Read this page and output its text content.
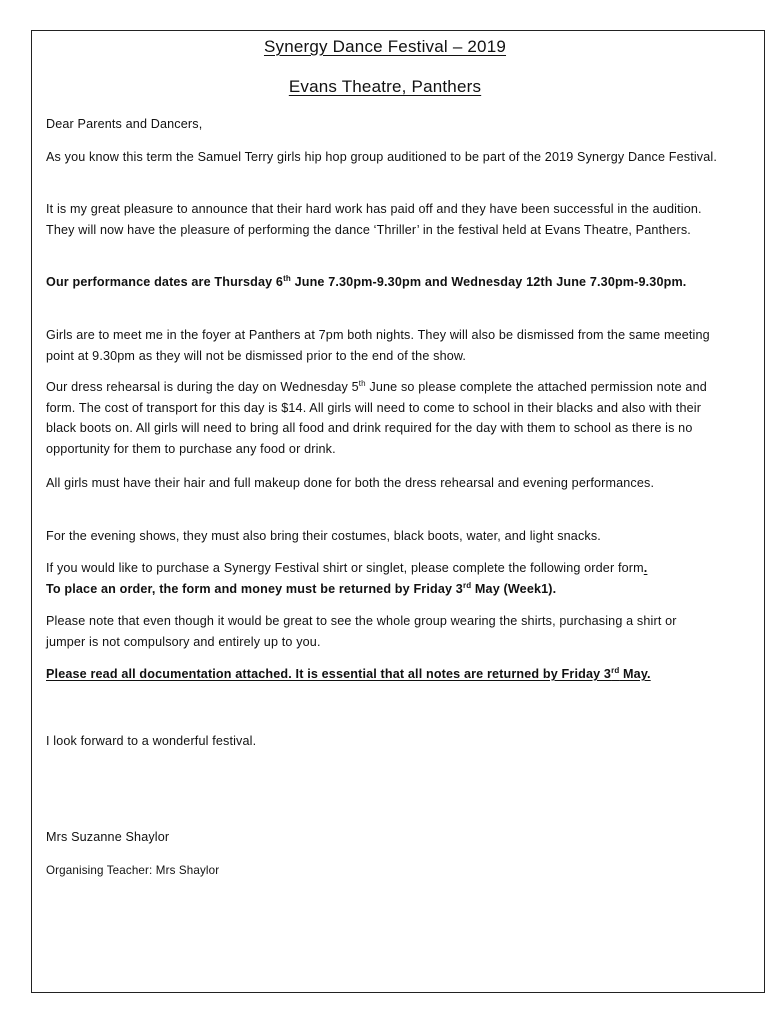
Synergy Dance Festival – 2019
Evans Theatre, Panthers

Dear Parents and Dancers,

As you know this term the Samuel Terry girls hip hop group auditioned to be part of the 2019 Synergy Dance Festival.

It is my great pleasure to announce that their hard work has paid off and they have been successful in the audition. They will now have the pleasure of performing the dance ‘Thriller’ in the festival held at Evans Theatre, Panthers.

Our performance dates are Thursday 6th June 7.30pm-9.30pm and Wednesday 12th June 7.30pm-9.30pm.

Girls are to meet me in the foyer at Panthers at 7pm both nights. They will also be dismissed from the same meeting point at 9.30pm as they will not be dismissed prior to the end of the show.

Our dress rehearsal is during the day on Wednesday 5th June so please complete the attached permission note and form. The cost of transport for this day is $14. All girls will need to come to school in their blacks and also with their black boots on. All girls will need to bring all food and drink required for the day with them to school as there is no opportunity for them to purchase any food or drink.

All girls must have their hair and full makeup done for both the dress rehearsal and evening performances.

For the evening shows, they must also bring their costumes, black boots, water, and light snacks.

If you would like to purchase a Synergy Festival shirt or singlet, please complete the following order form.
To place an order, the form and money must be returned by Friday 3rd May (Week1).

Please note that even though it would be great to see the whole group wearing the shirts, purchasing a shirt or jumper is not compulsory and entirely up to you.

Please read all documentation attached. It is essential that all notes are returned by Friday 3rd May.

I look forward to a wonderful festival.

Mrs Suzanne Shaylor

Organising Teacher: Mrs Shaylor
